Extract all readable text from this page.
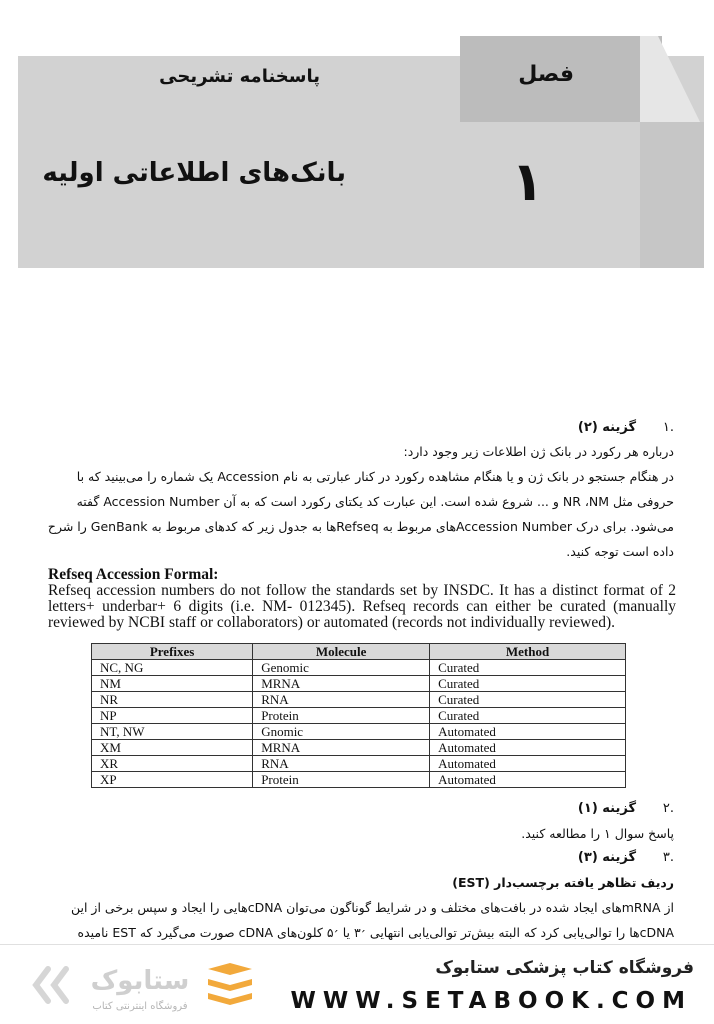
پاسخنامه تشریحی
بانک‌های اطلاعاتی اولیه
فصل
۱
.۱
گزینه (۲)
درباره هر رکورد در بانک ژن اطلاعات زیر وجود دارد:
در هنگام جستجو در بانک ژن و یا هنگام مشاهده رکورد در کنار عبارتی به نام Accession یک شماره را می‌بینید که با
حروفی مثل NR ،NM و ... شروع شده است. این عبارت کد یکتای رکورد است که به آن Accession Number گفته
می‌شود. برای درک Accession Numberهای مربوط به Refseqها به جدول زیر که کدهای مربوط به GenBank را شرح
داده است توجه کنید.
Refseq Accession Formal:
Refseq accession numbers do not follow the standards set by INSDC. It has a distinct format of 2 letters+ underbar+ 6 digits (i.e. NM- 012345). Refseq records can either be curated (manually reviewed by NCBI staff or collaborators) or automated (records not individually reviewed).
Prefixes	Molecule	Method
NC, NG	Genomic	Curated
NM	MRNA	Curated
NR	RNA	Curated
NP	Protein	Curated
NT, NW	Gnomic	Automated
XM	MRNA	Automated
XR	RNA	Automated
XP	Protein	Automated
.۲
گزینه (۱)
پاسخ سوال ۱ را مطالعه کنید.
.۳
گزینه (۳)
ردیف تظاهر یافته برچسب‌دار (EST)
از mRNAهای ایجاد شده در بافت‌های مختلف و در شرایط گوناگون می‌توان cDNAهایی را ایجاد و سپس برخی از این
cDNAها را توالی‌یابی کرد که البته بیش‌تر توالی‌یابی انتهایی ׳۳ یا ׳۵ کلون‌های cDNA صورت می‌گیرد که EST نامیده
ستابوک
فروشگاه اینترنتی کتاب
فروشگاه کتاب پزشکی ستابوک
WWW.SETABOOK.COM
